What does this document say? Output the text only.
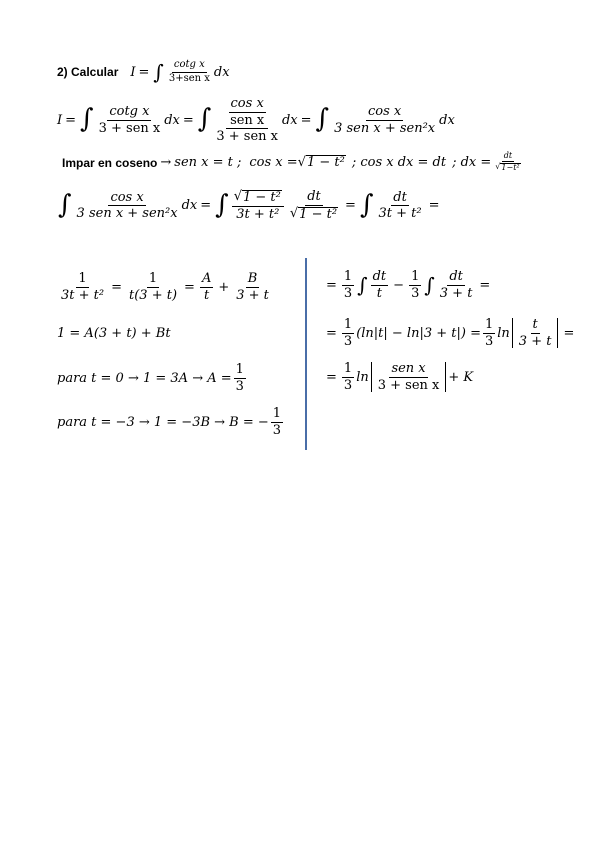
2) Calcular I = ∫ $\frac{\text{cotg x}}{\text{3+sen x}}$ dx
I = ∫ $\frac{\text{cotg x}}{\text{3 + sen x}}$ dx = ∫ $\frac{\frac{\text{cos x}}{\text{sen x}}}{\text{3 + sen x}}$ dx = ∫ $\frac{\text{cos x}}{\text{3 sen x + sen²x}}$ dx
Impar en coseno → sen x = t ; cos x = √ 1 − t² ; cos x dx = dt ; dx = $\frac{dt}{\text{√ 1−t²}}$
∫ $\frac{\text{cos x}}{\text{3 sen x + sen²x}}$ dx = ∫ $\frac{\text{√ 1 − t²}}{\text{3t + t²}} \frac{dt}{\text{√ 1 − t²}}$ = ∫ $\frac{dt}{\text{3t + t²}}$ =
$\frac{1}{\text{3t + t²}} = \frac{1}{t(3 + t)} = \frac{A}{t} + \frac{B}{3 + t}$
1 = A(3 + t) + Bt
para $t = 0 \to 1 = 3A \to A = \frac{1}{3}$
para t = −3 → 1 = −3B → B = − $\frac{1}{3}$
= $\frac{1}{3}$ ∫ $\frac{dt}{t} - \frac{1}{3}$ ∫ $\frac{dt}{3 + t}$ =
= $\frac{1}{3} (\ln|t| - \ln|3 + t|) = \frac{1}{3}$ $\ln \frac{t}{3 + t}$ =
= $\frac{1}{3}$ $\ln \frac{\text{sen x}}{\text{3 + sen x}} + K$
